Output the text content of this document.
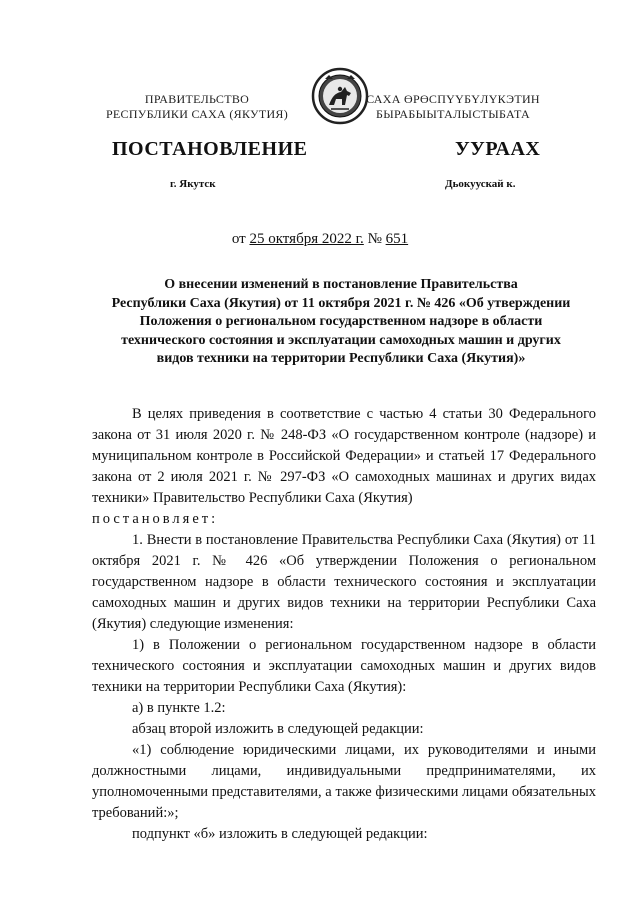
ПРАВИТЕЛЬСТВО
РЕСПУБЛИКИ САХА (ЯКУТИЯ)
САХА ӨРӨСПҮҮБҮЛҮКЭТИН
БЫРАБЫЫТАЛЫСТЫБАТА
ПОСТАНОВЛЕНИЕ	УУРААХ
г. Якутск	Дьокуускай к.
от 25 октября 2022 г. № 651
О внесении изменений в постановление Правительства
Республики Саха (Якутия) от 11 октября 2021 г. № 426 «Об утверждении
Положения о региональном государственном надзоре в области
технического состояния и эксплуатации самоходных машин и других
видов техники на территории Республики Саха (Якутия)»

В целях приведения в соответствие с частью 4 статьи 30 Федерального закона от 31 июля 2020 г. № 248-ФЗ «О государственном контроле (надзоре) и муниципальном контроле в Российской Федерации» и статьей 17 Федерального закона от 2 июля 2021 г. № 297-ФЗ «О самоходных машинах и других видах техники» Правительство Республики Саха (Якутия)
постановляет:

1. Внести в постановление Правительства Республики Саха (Якутия) от 11 октября 2021 г. № 426 «Об утверждении Положения о региональном государственном надзоре в области технического состояния и эксплуатации самоходных машин и других видов техники на территории Республики Саха (Якутия) следующие изменения:

1) в Положении о региональном государственном надзоре в области технического состояния и эксплуатации самоходных машин и других видов техники на территории Республики Саха (Якутия):

а) в пункте 1.2:

абзац второй изложить в следующей редакции:

«1) соблюдение юридическими лицами, их руководителями и иными должностными лицами, индивидуальными предпринимателями, их уполномоченными представителями, а также физическими лицами обязательных требований:»;

подпункт «б» изложить в следующей редакции:
